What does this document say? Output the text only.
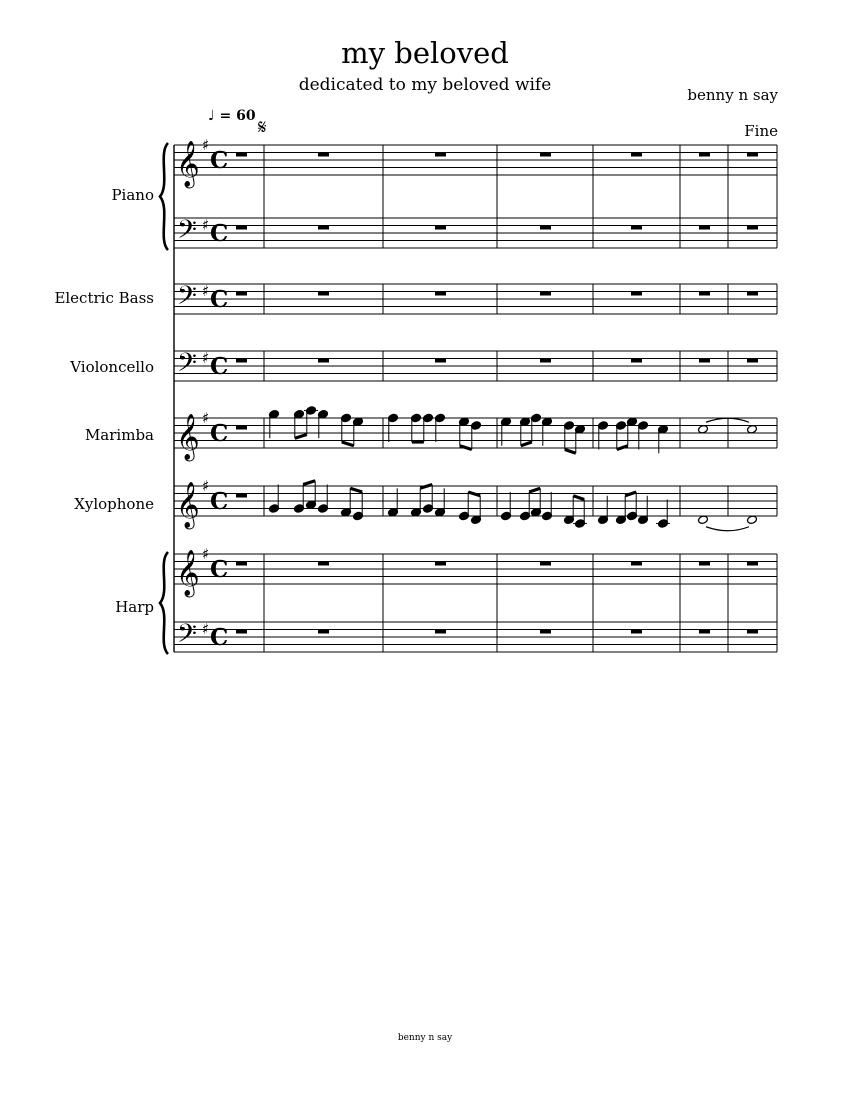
my beloved
dedicated to my beloved wife	benny n say
♩ = 60
Fine
Piano
Electric Bass
Violoncello
Marimba
Xylophone
Harp
𝄞 ♯
C
𝄢 ♯ C
𝄢 ♯ C
𝄢 ♯ C
𝄞 ♯
C
𝄞 ♯
C
𝄞 ♯
C
𝄢 ♯ C
𝄋
benny n say
